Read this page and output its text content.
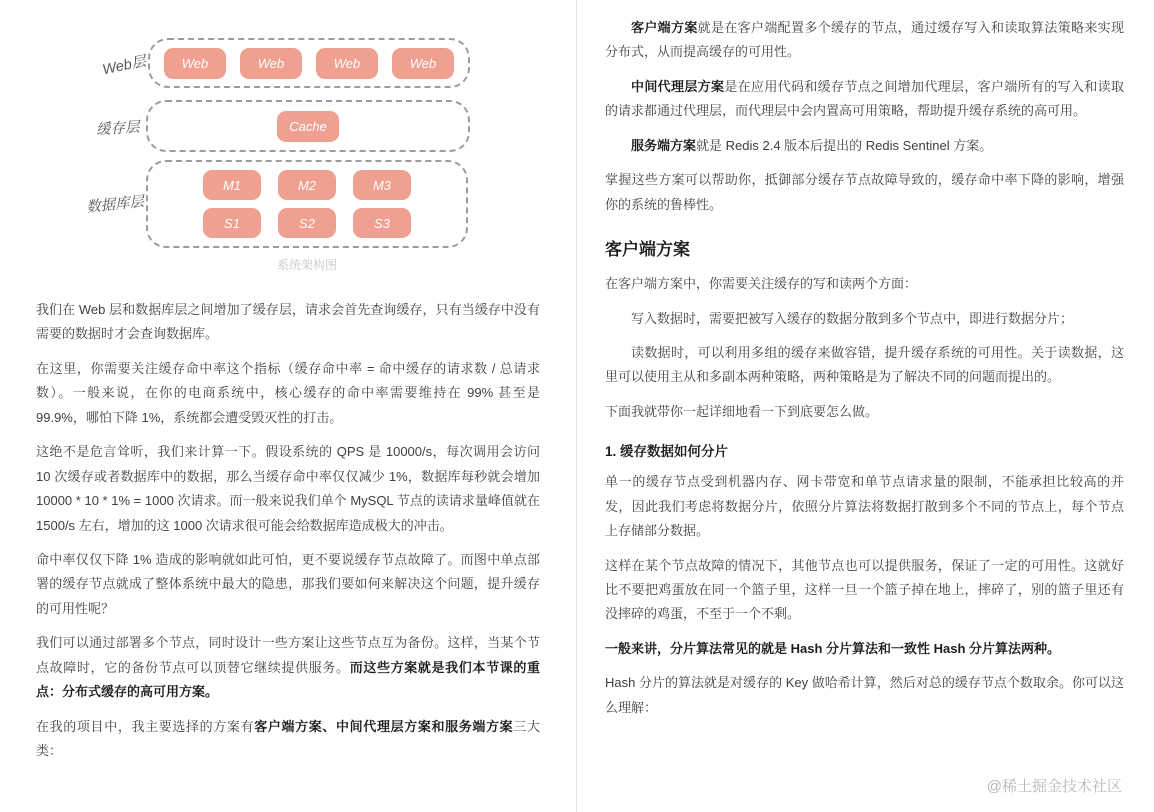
Web层
缓存层
数据库层
Web	Web	Web	Web
Cache
M1	M2	M3
S1	S2	S3
系统架构图

我们在 Web 层和数据库层之间增加了缓存层，请求会首先查询缓存，只有当缓存中没有需要的数据时才会查询数据库。

在这里，你需要关注缓存命中率这个指标（缓存命中率 = 命中缓存的请求数 / 总请求数）。一般来说，在你的电商系统中，核心缓存的命中率需要维持在 99% 甚至是 99.9%，哪怕下降 1%，系统都会遭受毁灭性的打击。

这绝不是危言耸听，我们来计算一下。假设系统的 QPS 是 10000/s，每次调用会访问 10 次缓存或者数据库中的数据，那么当缓存命中率仅仅减少 1%，数据库每秒就会增加 10000 * 10 * 1% = 1000 次请求。而一般来说我们单个 MySQL 节点的读请求量峰值就在 1500/s 左右，增加的这 1000 次请求很可能会给数据库造成极大的冲击。

命中率仅仅下降 1% 造成的影响就如此可怕，更不要说缓存节点故障了。而图中单点部署的缓存节点就成了整体系统中最大的隐患，那我们要如何来解决这个问题，提升缓存的可用性呢？

我们可以通过部署多个节点，同时设计一些方案让这些节点互为备份。这样，当某个节点故障时，它的备份节点可以顶替它继续提供服务。而这些方案就是我们本节课的重点：分布式缓存的高可用方案。

在我的项目中，我主要选择的方案有客户端方案、中间代理层方案和服务端方案三大类：

客户端方案就是在客户端配置多个缓存的节点，通过缓存写入和读取算法策略来实现分布式，从而提高缓存的可用性。

中间代理层方案是在应用代码和缓存节点之间增加代理层，客户端所有的写入和读取的请求都通过代理层，而代理层中会内置高可用策略，帮助提升缓存系统的高可用。

服务端方案就是 Redis 2.4 版本后提出的 Redis Sentinel 方案。

掌握这些方案可以帮助你，抵御部分缓存节点故障导致的，缓存命中率下降的影响，增强你的系统的鲁棒性。

客户端方案

在客户端方案中，你需要关注缓存的写和读两个方面：

写入数据时，需要把被写入缓存的数据分散到多个节点中，即进行数据分片；

读数据时，可以利用多组的缓存来做容错，提升缓存系统的可用性。关于读数据，这里可以使用主从和多副本两种策略，两种策略是为了解决不同的问题而提出的。

下面我就带你一起详细地看一下到底要怎么做。

1. 缓存数据如何分片

单一的缓存节点受到机器内存、网卡带宽和单节点请求量的限制，不能承担比较高的并发，因此我们考虑将数据分片，依照分片算法将数据打散到多个不同的节点上，每个节点上存储部分数据。

这样在某个节点故障的情况下，其他节点也可以提供服务，保证了一定的可用性。这就好比不要把鸡蛋放在同一个篮子里，这样一旦一个篮子掉在地上，摔碎了，别的篮子里还有没摔碎的鸡蛋，不至于一个不剩。

一般来讲，分片算法常见的就是 Hash 分片算法和一致性 Hash 分片算法两种。

Hash 分片的算法就是对缓存的 Key 做哈希计算，然后对总的缓存节点个数取余。你可以这么理解：

@稀土掘金技术社区
